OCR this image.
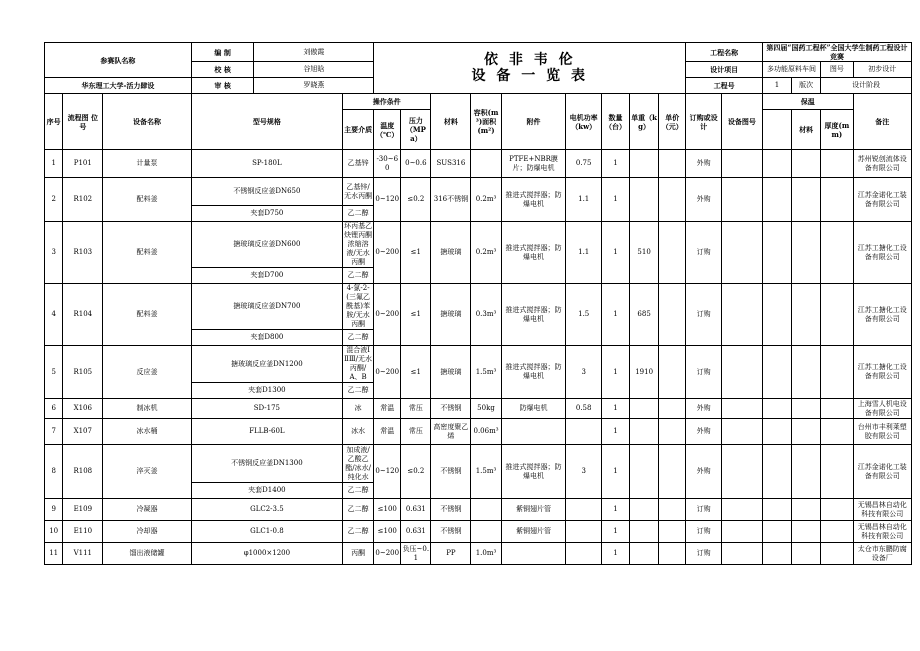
参赛队名称			编 制	刘傲霞		依 非 韦 伦
设 备 一 览 表									工程名称		第四届“国药工程杯”全国大学生制药工程设计竞赛			
			校 核	谷旭晗											设计项目		多功能原料车间		图号	初步设计
华东理工大学-活力肆设			审 核	罗晓燕											工程号		1	版次	设计阶段	
序号	流程图 位号	设备名称	型号规格		操作条件			材料	容积(m³)面积(m²)	附件	电机功率（kw）	数量（台）	单重（kg）	单价（元）	订购或设计	设备图号	保温			备注
					主要介质	温度（℃）	压力（MPa）											材料	厚度(mm)	
1	P101	计量泵	SP-180L		乙基锌	-30~60	0~0.6	SUS316		PTFE+NBR膜片；防爆电机	0.75	1			外购					苏州锐创流体设备有限公司
2	R102	配料釜	不锈钢反应釜DN650		乙基锌/无水丙酮	0~120	≤0.2	316不锈钢	0.2m³	推进式搅拌器；防爆电机	1.1	1			外购					江苏金诺化工装备有限公司
			夹套D750		乙二醇															
3	R103	配料釜	搪玻璃反应釜DN600		环丙基乙炔锂丙酮浓缩溶液/无水丙酮	0~200	≤1	搪玻璃	0.2m³	推进式搅拌器；防爆电机	1.1	1	510		订购					江苏工搪化工设备有限公司
			夹套D700		乙二醇															
4	R104	配料釜	搪玻璃反应釜DN700		4-氯-2-(三氟乙酰基)苯胺/无水丙酮	0~200	≤1	搪玻璃	0.3m³	推进式搅拌器；防爆电机	1.5	1	685		订购					江苏工搪化工设备有限公司
			夹套D800		乙二醇															
5	R105	反应釜	搪玻璃反应釜DN1200		混合液ⅠⅡⅢ/无水丙酮/A、B	0~200	≤1	搪玻璃	1.5m³	推进式搅拌器；防爆电机	3	1	1910		订购					江苏工搪化工设备有限公司
			夹套D1300		乙二醇															
6	X106	制冰机	SD-175		冰	常温	常压	不锈钢	50kg	防爆电机	0.58	1			外购					上海雪人机电设备有限公司
7	X107	冰水桶	FLLB-60L		冰水	常温	常压	高密度聚乙烯	0.06m³			1			外购					台州市丰利莱塑胶有限公司
8	R108	淬灭釜	不锈钢反应釜DN1300		加成液/乙酸乙酯/冰水/纯化水	0~120	≤0.2	不锈钢	1.5m³	推进式搅拌器；防爆电机	3	1			外购					江苏金诺化工装备有限公司
			夹套D1400		乙二醇															
9	E109	冷凝器	GLC2-3.5		乙二醇	≤100	0.631	不锈钢		紫铜翅片管		1			订购					无锡昌林自动化科技有限公司
10	E110	冷却器	GLC1-0.8		乙二醇	≤100	0.631	不锈钢		紫铜翅片管		1			订购					无锡昌林自动化科技有限公司
11	V111	馏出液储罐	φ1000×1200		丙酮	0~200	负压~0.1	PP	1.0m³			1			订购					太仓市东鹏防腐设备厂
